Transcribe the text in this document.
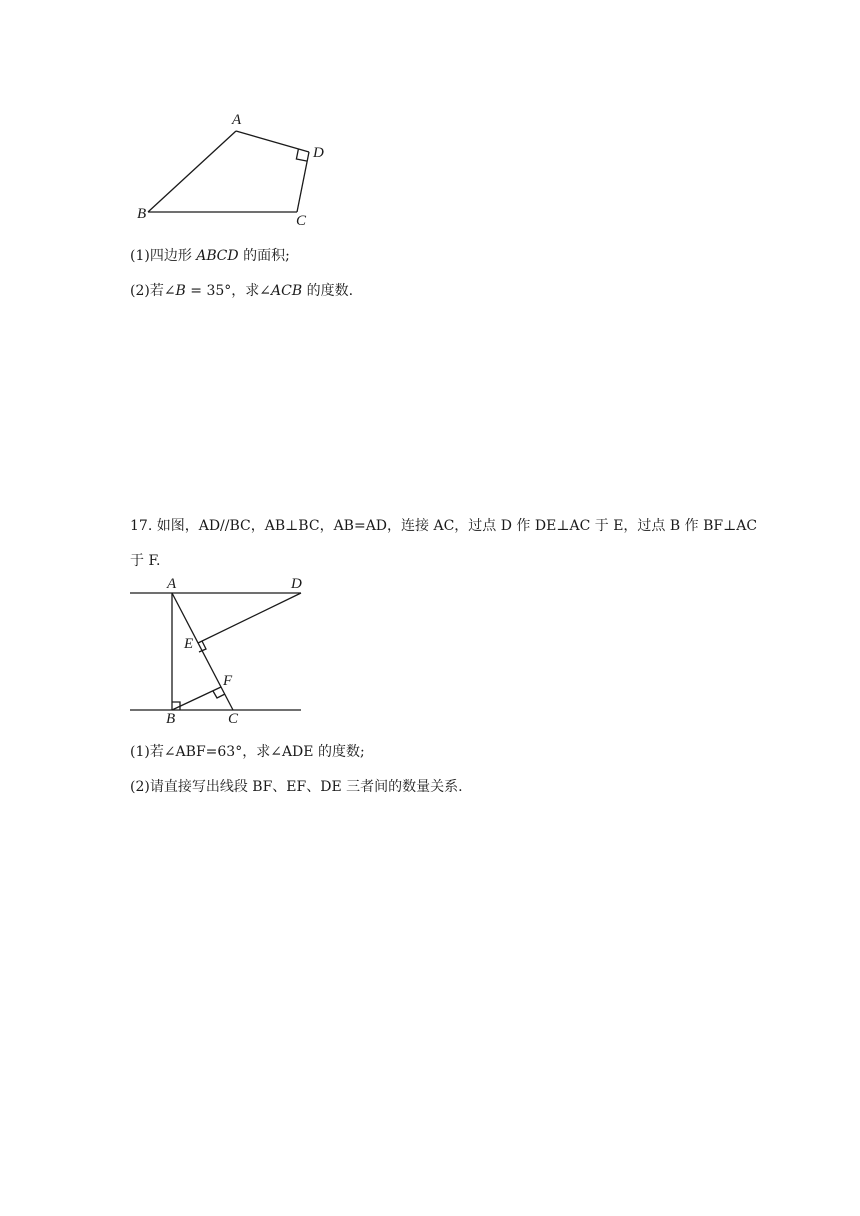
A
B	C
D
(1)四边形 𝐴𝐵𝐶𝐷 的面积;
(2)若∠𝐵 = 35°，求∠𝐴𝐶𝐵 的度数.
17. 如图，AD//BC，AB⊥BC，AB=AD，连接 AC，过点 D 作 DE⊥AC 于 E，过点 B 作 BF⊥AC
于 F.
A	D
E
F
B	C
(1)若∠ABF=63°，求∠ADE 的度数;
(2)请直接写出线段 BF、EF、DE 三者间的数量关系.
